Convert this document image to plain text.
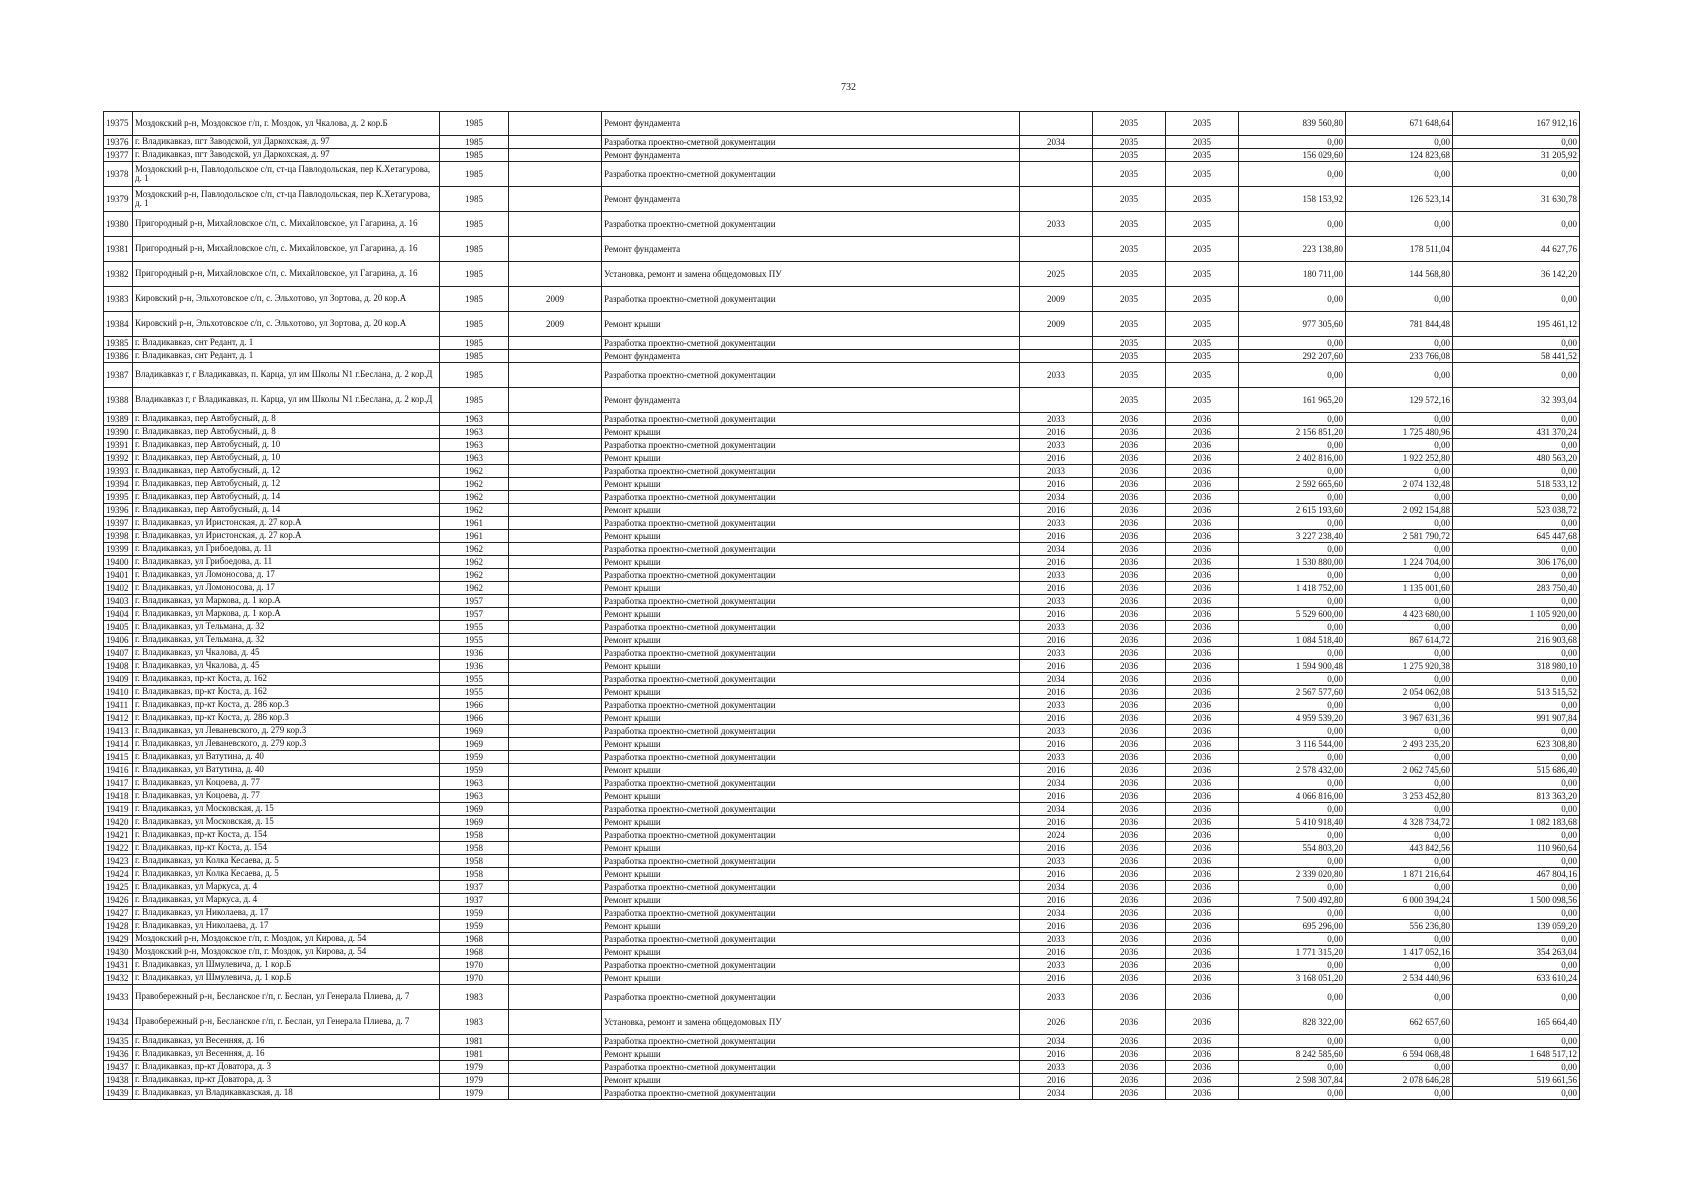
732
19375	Моздокский р-н, Моздокское г/п, г. Моздок, ул Чкалова, д. 2 кор.Б	1985		Ремонт фундамента		2035	2035	839 560,80	671 648,64	167 912,16
19376	г. Владикавказ, пгт Заводской, ул Даркохская, д. 97	1985		Разработка проектно-сметной документации	2034	2035	2035	0,00	0,00	0,00
19377	г. Владикавказ, пгт Заводской, ул Даркохская, д. 97	1985		Ремонт фундамента		2035	2035	156 029,60	124 823,68	31 205,92
19378	Моздокский р-н, Павлодольское с/п, ст-ца Павлодольская, пер К.Хетагурова, д. 1	1985		Разработка проектно-сметной документации		2035	2035	0,00	0,00	0,00
19379	Моздокский р-н, Павлодольское с/п, ст-ца Павлодольская, пер К.Хетагурова, д. 1	1985		Ремонт фундамента		2035	2035	158 153,92	126 523,14	31 630,78
19380	Пригородный р-н, Михайловское с/п, с. Михайловское, ул Гагарина, д. 16	1985		Разработка проектно-сметной документации	2033	2035	2035	0,00	0,00	0,00
19381	Пригородный р-н, Михайловское с/п, с. Михайловское, ул Гагарина, д. 16	1985		Ремонт фундамента		2035	2035	223 138,80	178 511,04	44 627,76
19382	Пригородный р-н, Михайловское с/п, с. Михайловское, ул Гагарина, д. 16	1985		Установка, ремонт и замена общедомовых ПУ	2025	2035	2035	180 711,00	144 568,80	36 142,20
19383	Кировский р-н, Эльхотовское с/п, с. Эльхотово, ул Зортова, д. 20 кор.А	1985	2009	Разработка проектно-сметной документации	2009	2035	2035	0,00	0,00	0,00
19384	Кировский р-н, Эльхотовское с/п, с. Эльхотово, ул Зортова, д. 20 кор.А	1985	2009	Ремонт крыши	2009	2035	2035	977 305,60	781 844,48	195 461,12
19385	г. Владикавказ, снт Редант, д. 1	1985		Разработка проектно-сметной документации		2035	2035	0,00	0,00	0,00
19386	г. Владикавказ, снт Редант, д. 1	1985		Ремонт фундамента		2035	2035	292 207,60	233 766,08	58 441,52
19387	Владикавказ г, г Владикавказ, п. Карца, ул им Школы N1 г.Беслана, д. 2 кор.Д	1985		Разработка проектно-сметной документации	2033	2035	2035	0,00	0,00	0,00
19388	Владикавказ г, г Владикавказ, п. Карца, ул им Школы N1 г.Беслана, д. 2 кор.Д	1985		Ремонт фундамента		2035	2035	161 965,20	129 572,16	32 393,04
19389	г. Владикавказ, пер Автобусный, д. 8	1963		Разработка проектно-сметной документации	2033	2036	2036	0,00	0,00	0,00
19390	г. Владикавказ, пер Автобусный, д. 8	1963		Ремонт крыши	2016	2036	2036	2 156 851,20	1 725 480,96	431 370,24
19391	г. Владикавказ, пер Автобусный, д. 10	1963		Разработка проектно-сметной документации	2033	2036	2036	0,00	0,00	0,00
19392	г. Владикавказ, пер Автобусный, д. 10	1963		Ремонт крыши	2016	2036	2036	2 402 816,00	1 922 252,80	480 563,20
19393	г. Владикавказ, пер Автобусный, д. 12	1962		Разработка проектно-сметной документации	2033	2036	2036	0,00	0,00	0,00
19394	г. Владикавказ, пер Автобусный, д. 12	1962		Ремонт крыши	2016	2036	2036	2 592 665,60	2 074 132,48	518 533,12
19395	г. Владикавказ, пер Автобусный, д. 14	1962		Разработка проектно-сметной документации	2034	2036	2036	0,00	0,00	0,00
19396	г. Владикавказ, пер Автобусный, д. 14	1962		Ремонт крыши	2016	2036	2036	2 615 193,60	2 092 154,88	523 038,72
19397	г. Владикавказ, ул Иристонская, д. 27 кор.А	1961		Разработка проектно-сметной документации	2033	2036	2036	0,00	0,00	0,00
19398	г. Владикавказ, ул Иристонская, д. 27 кор.А	1961		Ремонт крыши	2016	2036	2036	3 227 238,40	2 581 790,72	645 447,68
19399	г. Владикавказ, ул Грибоедова, д. 11	1962		Разработка проектно-сметной документации	2034	2036	2036	0,00	0,00	0,00
19400	г. Владикавказ, ул Грибоедова, д. 11	1962		Ремонт крыши	2016	2036	2036	1 530 880,00	1 224 704,00	306 176,00
19401	г. Владикавказ, ул Ломоносова, д. 17	1962		Разработка проектно-сметной документации	2033	2036	2036	0,00	0,00	0,00
19402	г. Владикавказ, ул Ломоносова, д. 17	1962		Ремонт крыши	2016	2036	2036	1 418 752,00	1 135 001,60	283 750,40
19403	г. Владикавказ, ул Маркова, д. 1 кор.А	1957		Разработка проектно-сметной документации	2033	2036	2036	0,00	0,00	0,00
19404	г. Владикавказ, ул Маркова, д. 1 кор.А	1957		Ремонт крыши	2016	2036	2036	5 529 600,00	4 423 680,00	1 105 920,00
19405	г. Владикавказ, ул Тельмана, д. 32	1955		Разработка проектно-сметной документации	2033	2036	2036	0,00	0,00	0,00
19406	г. Владикавказ, ул Тельмана, д. 32	1955		Ремонт крыши	2016	2036	2036	1 084 518,40	867 614,72	216 903,68
19407	г. Владикавказ, ул Чкалова, д. 45	1936		Разработка проектно-сметной документации	2033	2036	2036	0,00	0,00	0,00
19408	г. Владикавказ, ул Чкалова, д. 45	1936		Ремонт крыши	2016	2036	2036	1 594 900,48	1 275 920,38	318 980,10
19409	г. Владикавказ, пр-кт Коста, д. 162	1955		Разработка проектно-сметной документации	2034	2036	2036	0,00	0,00	0,00
19410	г. Владикавказ, пр-кт Коста, д. 162	1955		Ремонт крыши	2016	2036	2036	2 567 577,60	2 054 062,08	513 515,52
19411	г. Владикавказ, пр-кт Коста, д. 286 кор.3	1966		Разработка проектно-сметной документации	2033	2036	2036	0,00	0,00	0,00
19412	г. Владикавказ, пр-кт Коста, д. 286 кор.3	1966		Ремонт крыши	2016	2036	2036	4 959 539,20	3 967 631,36	991 907,84
19413	г. Владикавказ, ул Леваневского, д. 279 кор.3	1969		Разработка проектно-сметной документации	2033	2036	2036	0,00	0,00	0,00
19414	г. Владикавказ, ул Леваневского, д. 279 кор.3	1969		Ремонт крыши	2016	2036	2036	3 116 544,00	2 493 235,20	623 308,80
19415	г. Владикавказ, ул Ватутина, д. 40	1959		Разработка проектно-сметной документации	2033	2036	2036	0,00	0,00	0,00
19416	г. Владикавказ, ул Ватутина, д. 40	1959		Ремонт крыши	2016	2036	2036	2 578 432,00	2 062 745,60	515 686,40
19417	г. Владикавказ, ул Коцоева, д. 77	1963		Разработка проектно-сметной документации	2034	2036	2036	0,00	0,00	0,00
19418	г. Владикавказ, ул Коцоева, д. 77	1963		Ремонт крыши	2016	2036	2036	4 066 816,00	3 253 452,80	813 363,20
19419	г. Владикавказ, ул Московская, д. 15	1969		Разработка проектно-сметной документации	2034	2036	2036	0,00	0,00	0,00
19420	г. Владикавказ, ул Московская, д. 15	1969		Ремонт крыши	2016	2036	2036	5 410 918,40	4 328 734,72	1 082 183,68
19421	г. Владикавказ, пр-кт Коста, д. 154	1958		Разработка проектно-сметной документации	2024	2036	2036	0,00	0,00	0,00
19422	г. Владикавказ, пр-кт Коста, д. 154	1958		Ремонт крыши	2016	2036	2036	554 803,20	443 842,56	110 960,64
19423	г. Владикавказ, ул Колка Кесаева, д. 5	1958		Разработка проектно-сметной документации	2033	2036	2036	0,00	0,00	0,00
19424	г. Владикавказ, ул Колка Кесаева, д. 5	1958		Ремонт крыши	2016	2036	2036	2 339 020,80	1 871 216,64	467 804,16
19425	г. Владикавказ, ул Маркуса, д. 4	1937		Разработка проектно-сметной документации	2034	2036	2036	0,00	0,00	0,00
19426	г. Владикавказ, ул Маркуса, д. 4	1937		Ремонт крыши	2016	2036	2036	7 500 492,80	6 000 394,24	1 500 098,56
19427	г. Владикавказ, ул Николаева, д. 17	1959		Разработка проектно-сметной документации	2034	2036	2036	0,00	0,00	0,00
19428	г. Владикавказ, ул Николаева, д. 17	1959		Ремонт крыши	2016	2036	2036	695 296,00	556 236,80	139 059,20
19429	Моздокский р-н, Моздокское г/п, г. Моздок, ул Кирова, д. 54	1968		Разработка проектно-сметной документации	2033	2036	2036	0,00	0,00	0,00
19430	Моздокский р-н, Моздокское г/п, г. Моздок, ул Кирова, д. 54	1968		Ремонт крыши	2016	2036	2036	1 771 315,20	1 417 052,16	354 263,04
19431	г. Владикавказ, ул Шмулевича, д. 1 кор.Б	1970		Разработка проектно-сметной документации	2033	2036	2036	0,00	0,00	0,00
19432	г. Владикавказ, ул Шмулевича, д. 1 кор.Б	1970		Ремонт крыши	2016	2036	2036	3 168 051,20	2 534 440,96	633 610,24
19433	Правобережный р-н, Бесланское г/п, г. Беслан, ул Генерала Плиева, д. 7	1983		Разработка проектно-сметной документации	2033	2036	2036	0,00	0,00	0,00
19434	Правобережный р-н, Бесланское г/п, г. Беслан, ул Генерала Плиева, д. 7	1983		Установка, ремонт и замена общедомовых ПУ	2026	2036	2036	828 322,00	662 657,60	165 664,40
19435	г. Владикавказ, ул Весенняя, д. 16	1981		Разработка проектно-сметной документации	2034	2036	2036	0,00	0,00	0,00
19436	г. Владикавказ, ул Весенняя, д. 16	1981		Ремонт крыши	2016	2036	2036	8 242 585,60	6 594 068,48	1 648 517,12
19437	г. Владикавказ, пр-кт Доватора, д. 3	1979		Разработка проектно-сметной документации	2033	2036	2036	0,00	0,00	0,00
19438	г. Владикавказ, пр-кт Доватора, д. 3	1979		Ремонт крыши	2016	2036	2036	2 598 307,84	2 078 646,28	519 661,56
19439	г. Владикавказ, ул Владикавказская, д. 18	1979		Разработка проектно-сметной документации	2034	2036	2036	0,00	0,00	0,00
